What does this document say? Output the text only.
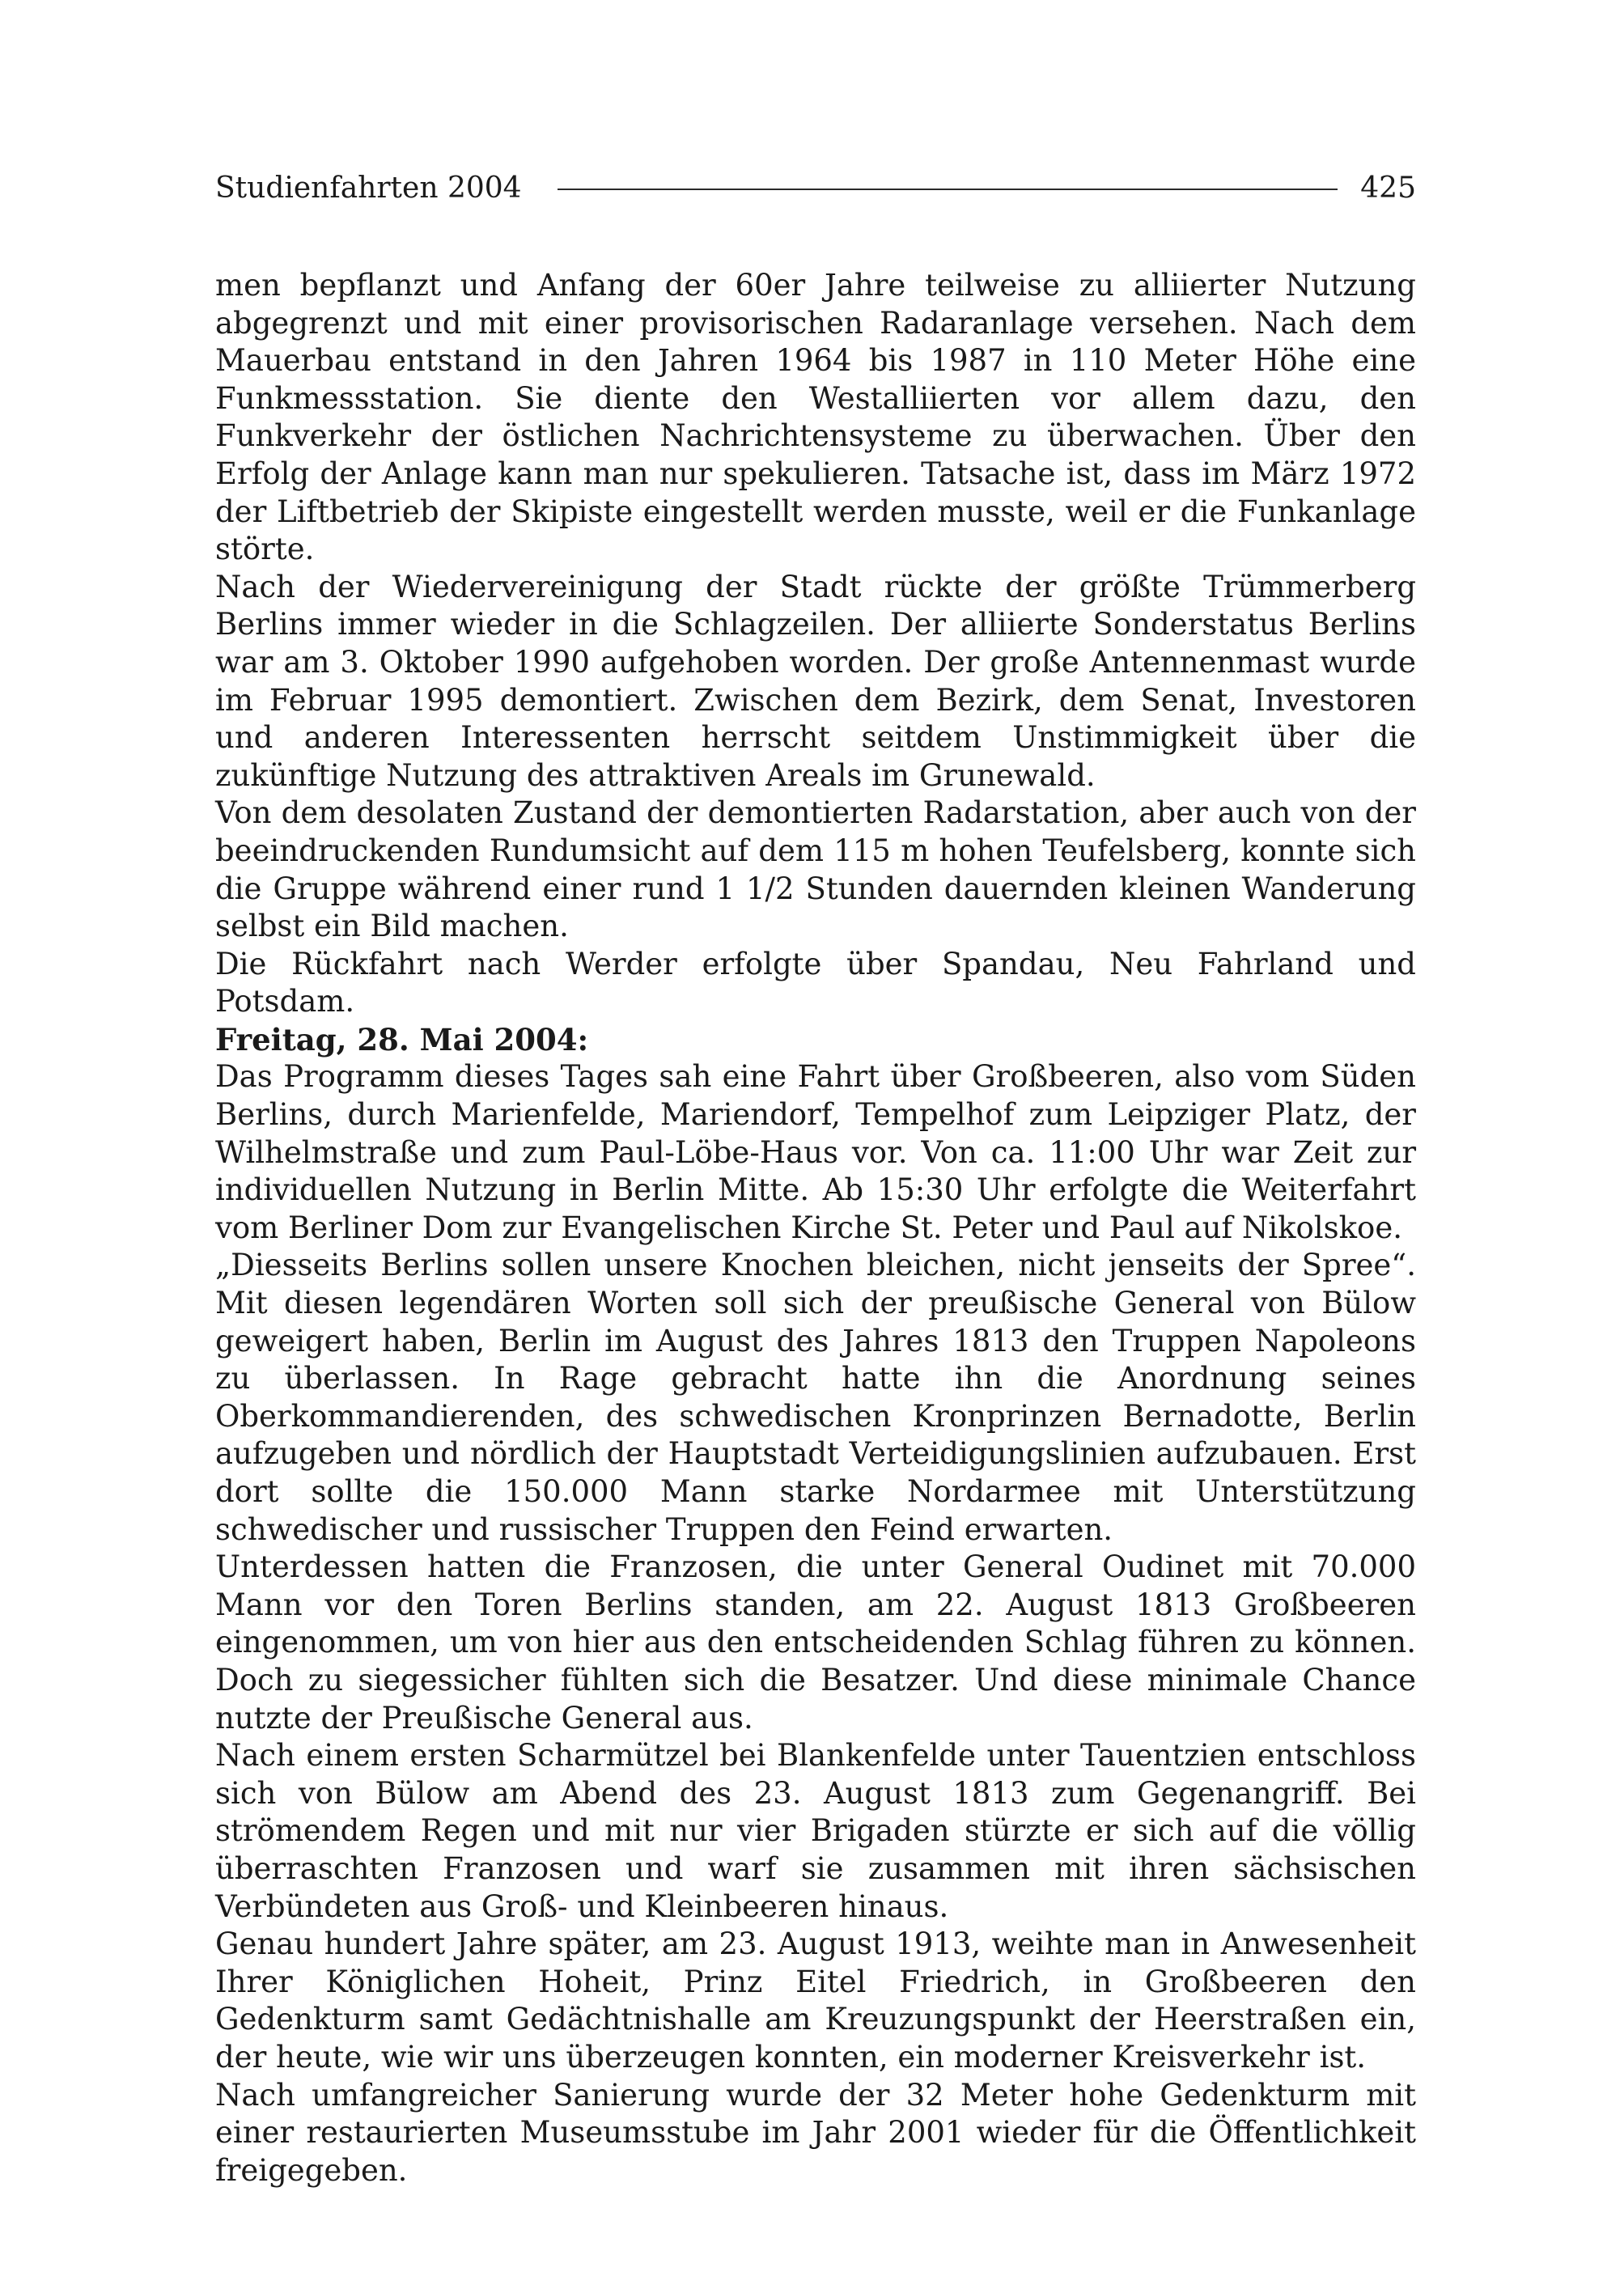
Studienfahrten 2004	425

men bepflanzt und Anfang der 60er Jahre teilweise zu alliierter Nutzung abgegrenzt und mit einer provisorischen Radaranlage versehen. Nach dem Mauerbau entstand in den Jahren 1964 bis 1987 in 110 Meter Höhe eine Funkmessstation. Sie diente den Westalliierten vor allem dazu, den Funkverkehr der östlichen Nachrichtensysteme zu überwachen. Über den Erfolg der Anlage kann man nur spekulieren. Tatsache ist, dass im März 1972 der Liftbetrieb der Skipiste eingestellt werden musste, weil er die Funkanlage störte.

Nach der Wiedervereinigung der Stadt rückte der größte Trümmerberg Berlins immer wieder in die Schlagzeilen. Der alliierte Sonderstatus Berlins war am 3. Oktober 1990 aufgehoben worden. Der große Antennenmast wurde im Februar 1995 demontiert. Zwischen dem Bezirk, dem Senat, Investoren und anderen Interessenten herrscht seitdem Unstimmigkeit über die zukünftige Nutzung des attraktiven Areals im Grunewald.

Von dem desolaten Zustand der demontierten Radarstation, aber auch von der beeindruckenden Rundumsicht auf dem 115 m hohen Teufelsberg, konnte sich die Gruppe während einer rund 1 1/2 Stunden dauernden kleinen Wanderung selbst ein Bild machen.

Die Rückfahrt nach Werder erfolgte über Spandau, Neu Fahrland und Potsdam.

Freitag, 28. Mai 2004:

Das Programm dieses Tages sah eine Fahrt über Großbeeren, also vom Süden Berlins, durch Marienfelde, Mariendorf, Tempelhof zum Leipziger Platz, der Wilhelmstraße und zum Paul-Löbe-Haus vor. Von ca. 11:00 Uhr war Zeit zur individuellen Nutzung in Berlin Mitte. Ab 15:30 Uhr erfolgte die Weiterfahrt vom Berliner Dom zur Evangelischen Kirche St. Peter und Paul auf Nikolskoe.

„Diesseits Berlins sollen unsere Knochen bleichen, nicht jenseits der Spree“. Mit diesen legendären Worten soll sich der preußische General von Bülow geweigert haben, Berlin im August des Jahres 1813 den Truppen Napoleons zu überlassen. In Rage gebracht hatte ihn die Anordnung seines Oberkommandierenden, des schwedischen Kronprinzen Bernadotte, Berlin aufzugeben und nördlich der Hauptstadt Verteidigungslinien aufzubauen. Erst dort sollte die 150.000 Mann starke Nordarmee mit Unterstützung schwedischer und russischer Truppen den Feind erwarten.

Unterdessen hatten die Franzosen, die unter General Oudinet mit 70.000 Mann vor den Toren Berlins standen, am 22. August 1813 Großbeeren eingenommen, um von hier aus den entscheidenden Schlag führen zu können. Doch zu siegessicher fühlten sich die Besatzer. Und diese minimale Chance nutzte der Preußische General aus.

Nach einem ersten Scharmützel bei Blankenfelde unter Tauentzien entschloss sich von Bülow am Abend des 23. August 1813 zum Gegenangriff. Bei strömendem Regen und mit nur vier Brigaden stürzte er sich auf die völlig überraschten Franzosen und warf sie zusammen mit ihren sächsischen Verbündeten aus Groß- und Kleinbeeren hinaus.

Genau hundert Jahre später, am 23. August 1913, weihte man in Anwesenheit Ihrer Königlichen Hoheit, Prinz Eitel Friedrich, in Großbeeren den Gedenkturm samt Gedächtnishalle am Kreuzungspunkt der Heerstraßen ein, der heute, wie wir uns überzeugen konnten, ein moderner Kreisverkehr ist.

Nach umfangreicher Sanierung wurde der 32 Meter hohe Gedenkturm mit einer restaurierten Museumsstube im Jahr 2001 wieder für die Öffentlichkeit freigegeben.
